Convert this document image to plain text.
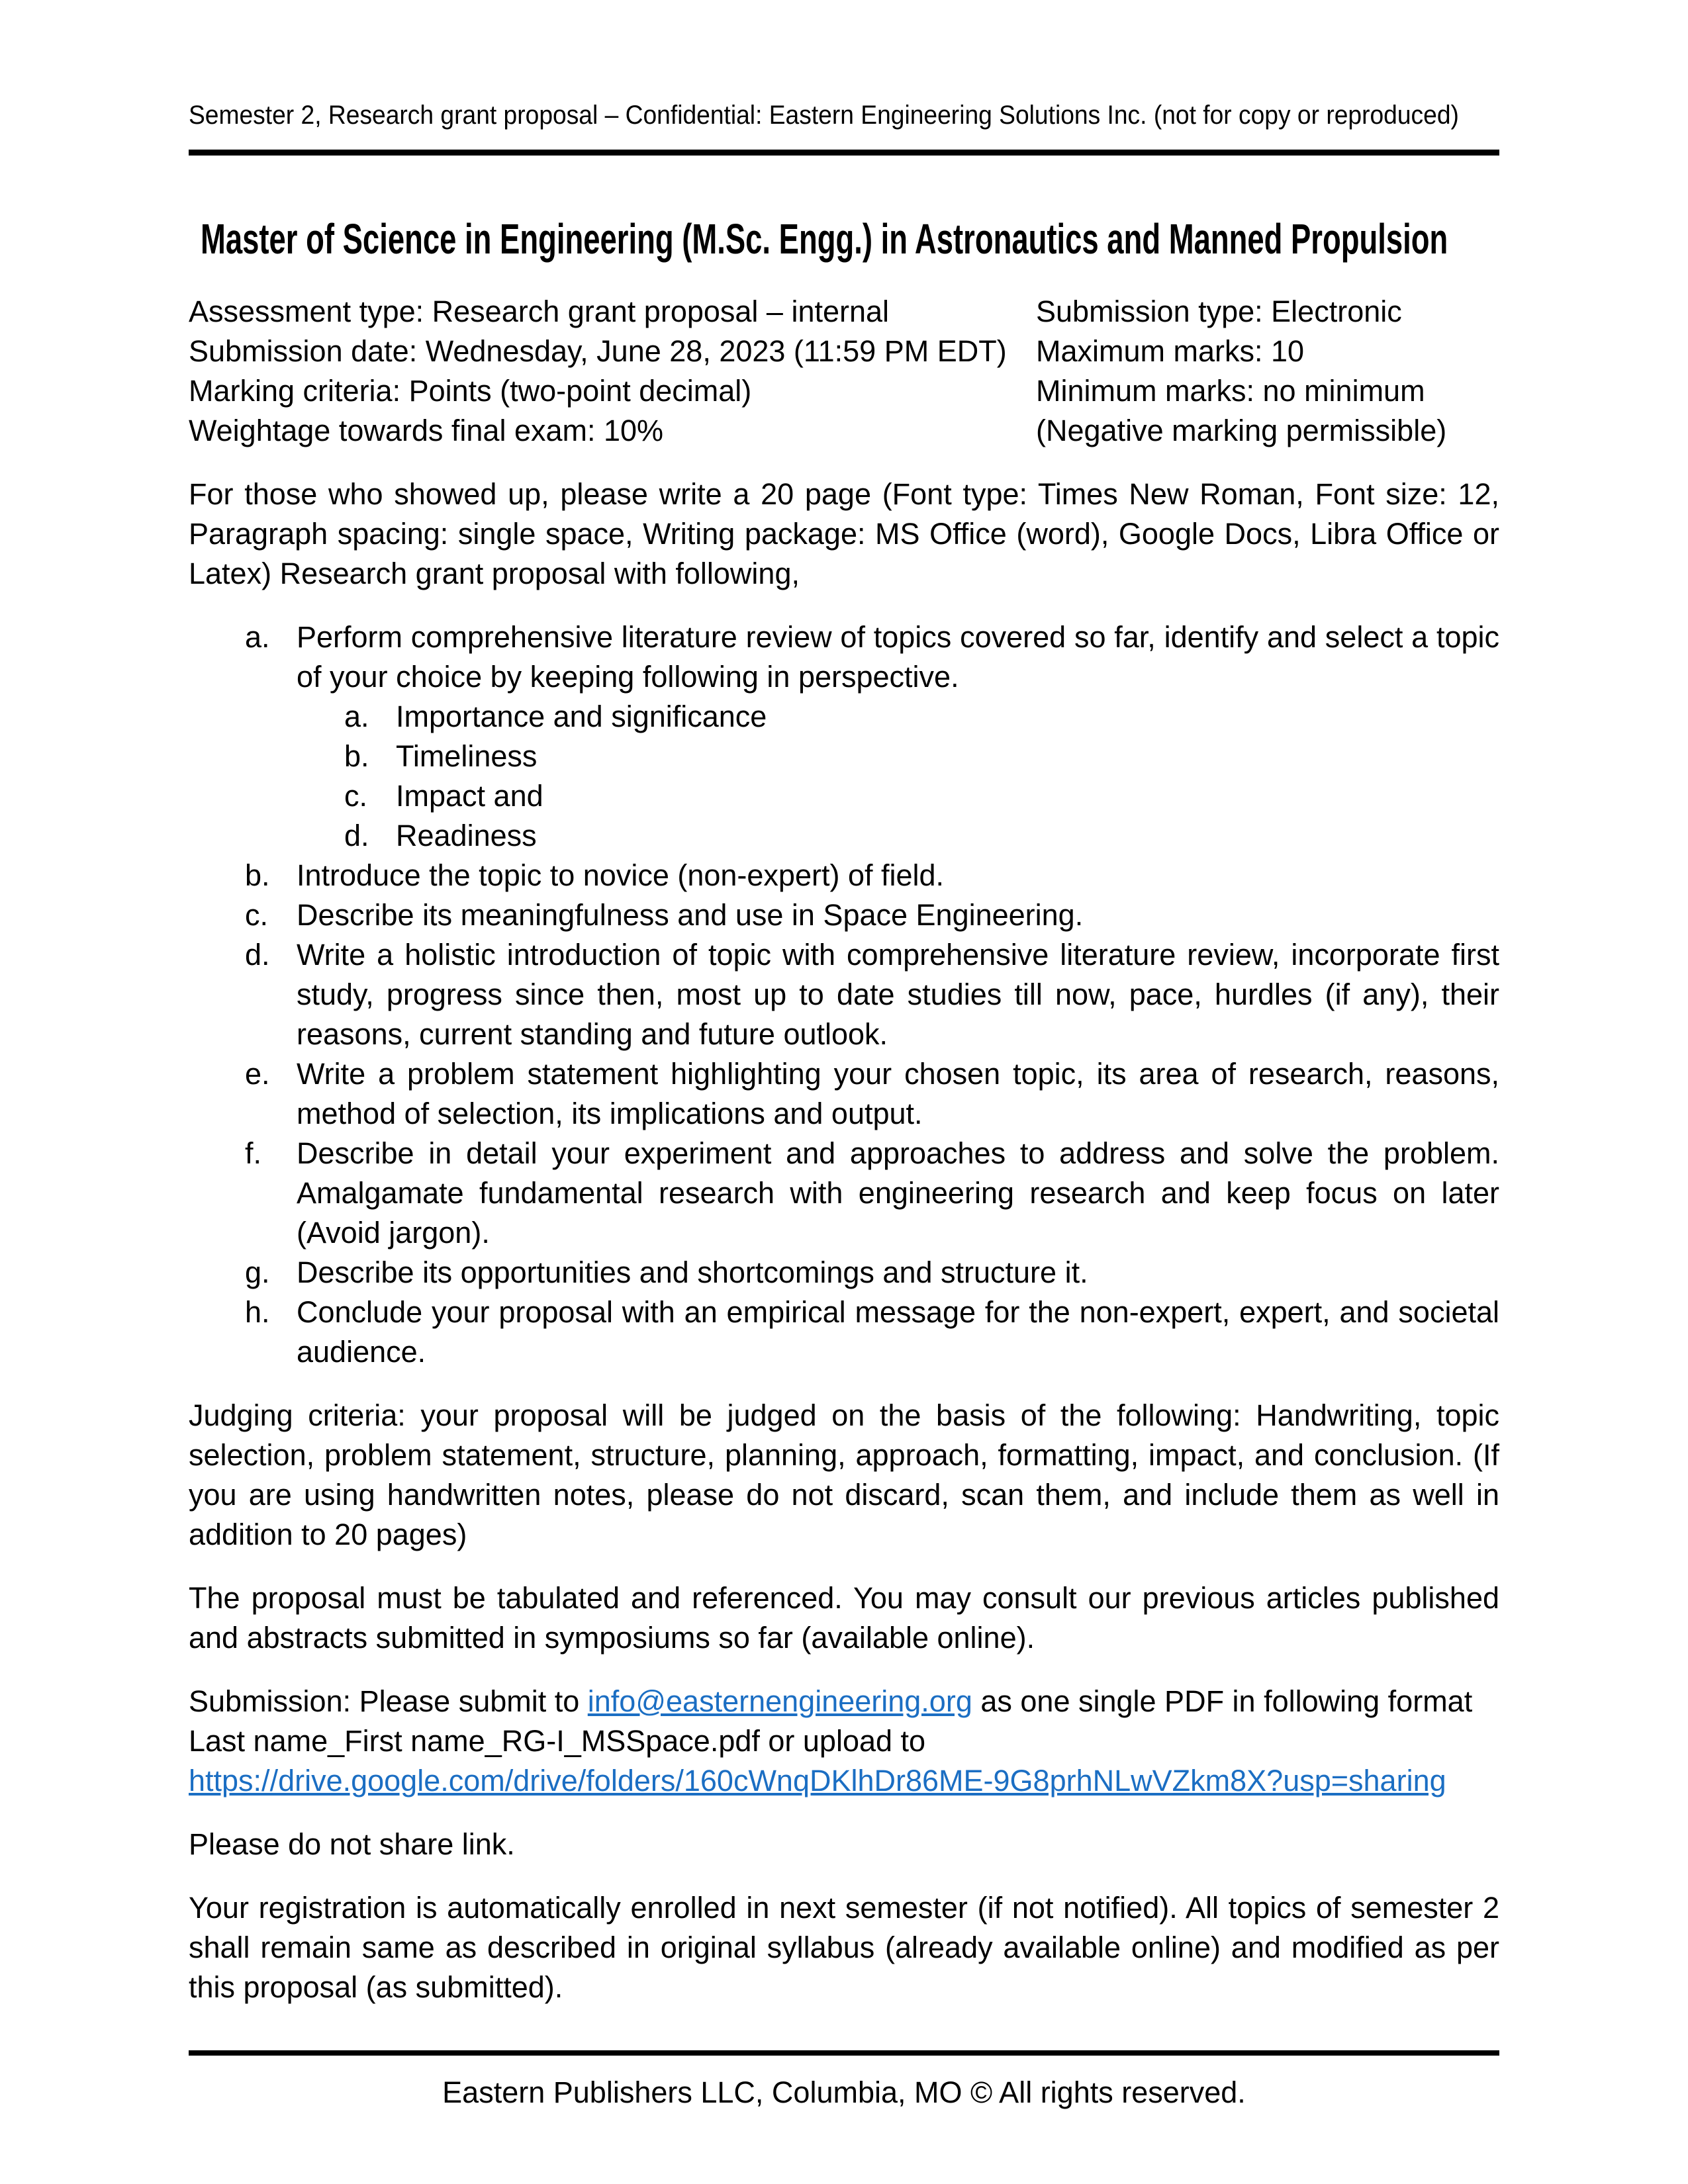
Semester 2, Research grant proposal – Confidential: Eastern Engineering Solutions Inc. (not for copy or reproduced)
Master of Science in Engineering (M.Sc. Engg.) in Astronautics and Manned Propulsion
Assessment type: Research grant proposal – internal
Submission date: Wednesday, June 28, 2023 (11:59 PM EDT)
Marking criteria: Points (two-point decimal)
Weightage towards final exam: 10%
Submission type: Electronic
Maximum marks: 10
Minimum marks: no minimum
(Negative marking permissible)

For those who showed up, please write a 20 page (Font type: Times New Roman, Font size: 12, Paragraph spacing: single space, Writing package: MS Office (word), Google Docs, Libra Office or Latex) Research grant proposal with following,

a. Perform comprehensive literature review of topics covered so far, identify and select a topic of your choice by keeping following in perspective.
a. Importance and significance
b. Timeliness
c. Impact and
d. Readiness
b. Introduce the topic to novice (non-expert) of field.
c. Describe its meaningfulness and use in Space Engineering.
d. Write a holistic introduction of topic with comprehensive literature review, incorporate first study, progress since then, most up to date studies till now, pace, hurdles (if any), their reasons, current standing and future outlook.
e. Write a problem statement highlighting your chosen topic, its area of research, reasons, method of selection, its implications and output.
f.	Describe in detail your experiment and approaches to address and solve the problem. Amalgamate fundamental research with engineering research and keep focus on later (Avoid jargon).
g. Describe its opportunities and shortcomings and structure it.
h. Conclude your proposal with an empirical message for the non-expert, expert, and societal audience.

Judging criteria: your proposal will be judged on the basis of the following: Handwriting, topic selection, problem statement, structure, planning, approach, formatting, impact, and conclusion. (If you are using handwritten notes, please do not discard, scan them, and include them as well in addition to 20 pages)

The proposal must be tabulated and referenced. You may consult our previous articles published and abstracts submitted in symposiums so far (available online).

Submission: Please submit to info@easternengineering.org as one single PDF in following format Last name_First name_RG-I_MSSpace.pdf or upload to
https://drive.google.com/drive/folders/160cWnqDKlhDr86ME-9G8prhNLwVZkm8X?usp=sharing

Please do not share link.

Your registration is automatically enrolled in next semester (if not notified). All topics of semester 2 shall remain same as described in original syllabus (already available online) and modified as per this proposal (as submitted).

Eastern Publishers LLC, Columbia, MO © All rights reserved.
